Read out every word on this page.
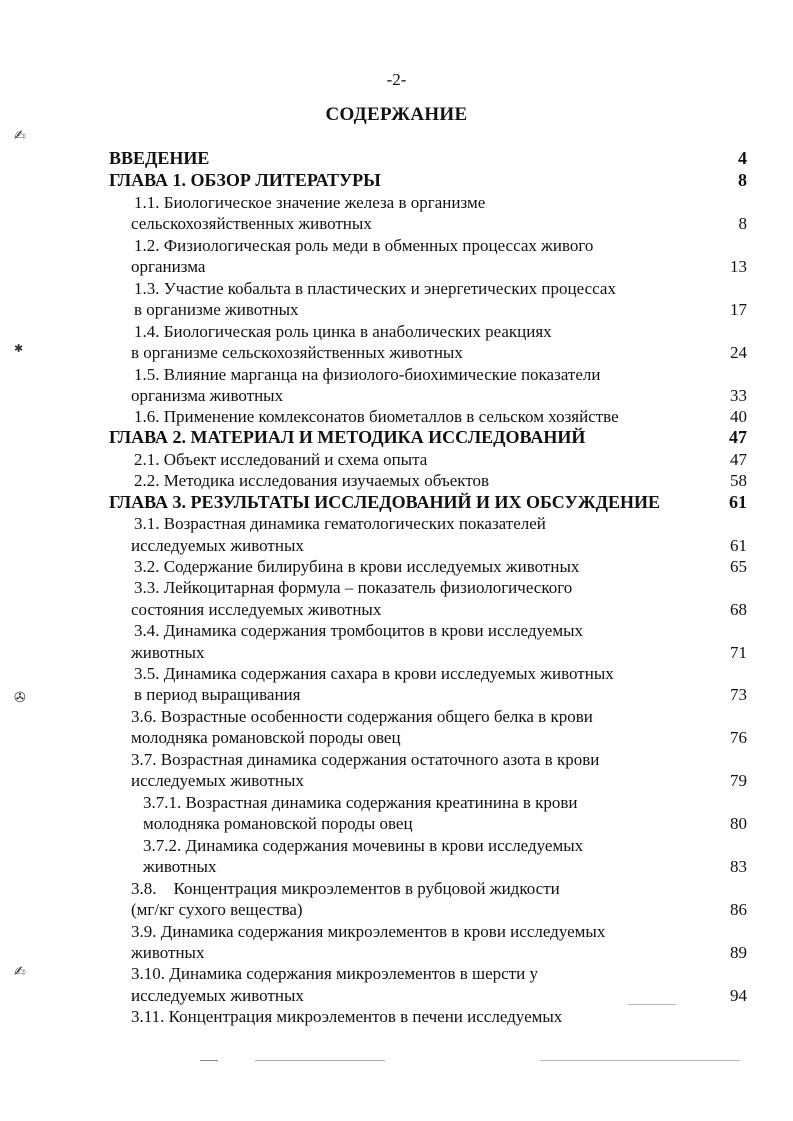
-2-
СОДЕРЖАНИЕ
ВВЕДЕНИЕ	4
ГЛАВА 1. ОБЗОР ЛИТЕРАТУРЫ	8
1.1. Биологическое значение железа в организме
сельскохозяйственных животных	8
1.2. Физиологическая роль меди в обменных процессах живого
организма	13
1.3. Участие кобальта в пластических и энергетических процессах
в организме животных	17
1.4. Биологическая роль цинка в анаболических реакциях
в организме сельскохозяйственных животных	24
1.5. Влияние марганца на физиолого-биохимические показатели
организма животных	33
1.6. Применение комлексонатов биометаллов в сельском хозяйстве	40
ГЛАВА 2. МАТЕРИАЛ И МЕТОДИКА ИССЛЕДОВАНИЙ	47
2.1. Объект исследований и схема опыта	47
2.2. Методика исследования изучаемых объектов	58
ГЛАВА 3. РЕЗУЛЬТАТЫ ИССЛЕДОВАНИЙ И ИХ ОБСУЖДЕНИЕ	61
3.1. Возрастная динамика гематологических показателей
исследуемых животных	61
3.2. Содержание билирубина в крови исследуемых животных	65
3.3. Лейкоцитарная формула – показатель физиологического
состояния исследуемых животных	68
3.4. Динамика содержания тромбоцитов в крови исследуемых
животных	71
3.5. Динамика содержания сахара в крови исследуемых животных
в период выращивания	73
3.6. Возрастные особенности содержания общего белка в крови
молодняка романовской породы овец	76
3.7. Возрастная динамика содержания остаточного азота в крови
исследуемых животных	79
3.7.1. Возрастная динамика содержания креатинина в крови
молодняка романовской породы овец	80
3.7.2. Динамика содержания мочевины в крови исследуемых
животных	83
3.8.    Концентрация микроэлементов в рубцовой жидкости
(мг/кг сухого вещества)	86
3.9. Динамика содержания микроэлементов в крови исследуемых
животных	89
3.10. Динамика содержания микроэлементов в шерсти у
исследуемых животных	94
3.11. Концентрация микроэлементов в печени исследуемых
✍
✱
✇
✍
